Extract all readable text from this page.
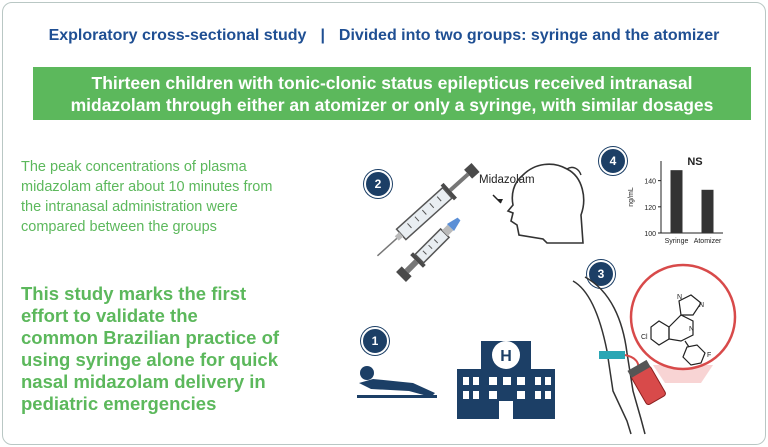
Exploratory cross-sectional study | Divided into two groups: syringe and the atomizer
Thirteen children with tonic-clonic status epilepticus received intranasal
midazolam through either an atomizer or only a syringe, with similar dosages
The peak concentrations of plasma
midazolam after about 10 minutes from
the intranasal administration were
compared between the groups
This study marks the first
effort to validate the
common Brazilian practice of
using syringe alone for quick
nasal midazolam delivery in
pediatric emergencies
2	Midazolam
4
100
120
140
ng/mL
Syringe Atomizer
NS
3
N
N
N
Cl
F
1
H
